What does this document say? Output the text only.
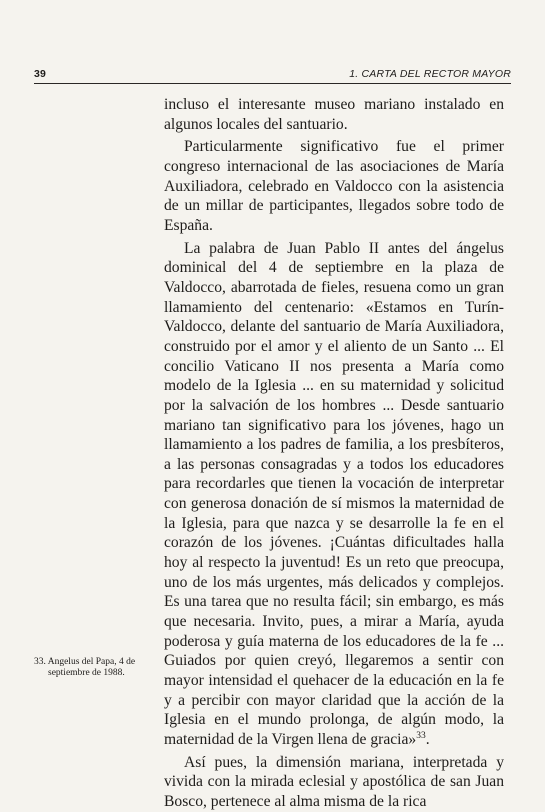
39	1. CARTA DEL RECTOR MAYOR

incluso el interesante museo mariano instalado en algunos locales del santuario.

Particularmente significativo fue el primer congreso internacional de las asociaciones de María Auxiliadora, celebrado en Valdocco con la asistencia de un millar de participantes, llegados sobre todo de España.

La palabra de Juan Pablo II antes del ángelus dominical del 4 de septiembre en la plaza de Valdocco, abarrotada de fieles, resuena como un gran llamamiento del centenario: «Estamos en Turín-Valdocco, delante del santuario de María Auxiliadora, construido por el amor y el aliento de un Santo ... El concilio Vaticano II nos presenta a María como modelo de la Iglesia ... en su maternidad y solicitud por la salvación de los hombres ... Desde santuario mariano tan significativo para los jóvenes, hago un llamamiento a los padres de familia, a los presbíteros, a las personas consagradas y a todos los educadores para recordarles que tienen la vocación de interpretar con generosa donación de sí mismos la maternidad de la Iglesia, para que nazca y se desarrolle la fe en el corazón de los jóvenes. ¡Cuántas dificultades halla hoy al respecto la juventud! Es un reto que preocupa, uno de los más urgentes, más delicados y complejos. Es una tarea que no resulta fácil; sin embargo, es más que necesaria. Invito, pues, a mirar a María, ayuda poderosa y guía materna de los educadores de la fe ... Guiados por quien creyó, llegaremos a sentir con mayor intensidad el quehacer de la educación en la fe y a percibir con mayor claridad que la acción de la Iglesia en el mundo prolonga, de algún modo, la maternidad de la Virgen llena de gracia»$^{33}$.

Así pues, la dimensión mariana, interpretada y vivida con la mirada eclesial y apostólica de san Juan Bosco, pertenece al alma misma de la rica

33. Angelus del Papa, 4 de
septiembre de 1988.
